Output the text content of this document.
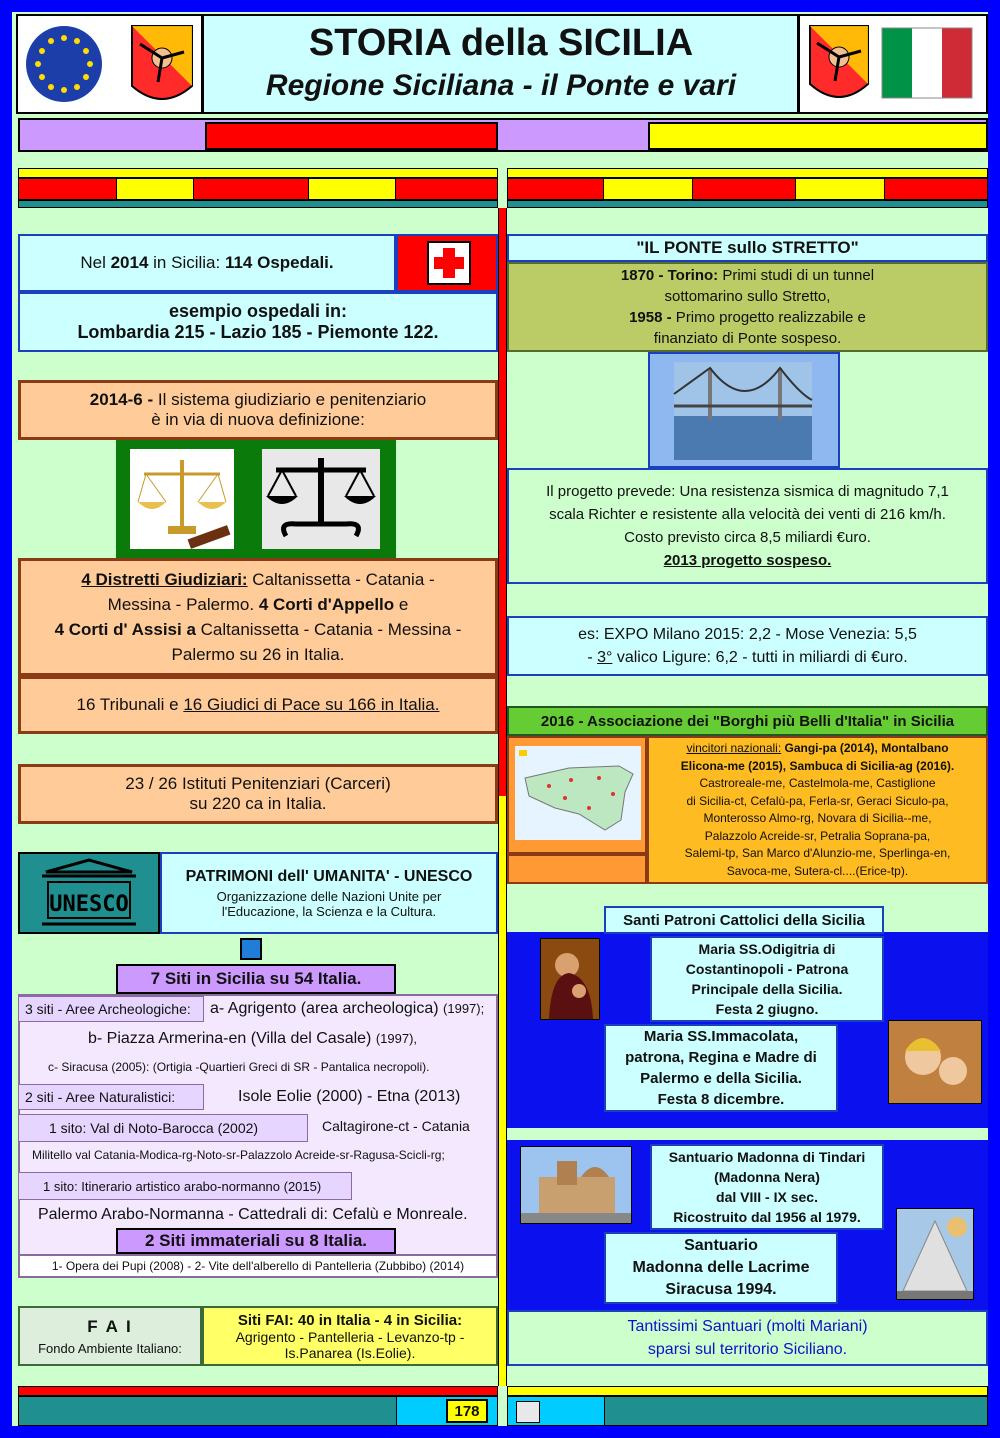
STORIA della SICILIA
Regione Siciliana - il Ponte e vari
Nel 2014 in Sicilia: 114 Ospedali.
esempio ospedali in:
Lombardia 215 - Lazio 185 - Piemonte 122.
2014-6 - Il sistema giudiziario e penitenziario
è in via di nuova definizione:
4 Distretti Giudiziari: Caltanissetta - Catania -
Messina - Palermo. 4 Corti d'Appello e
4 Corti d' Assisi a Caltanissetta - Catania - Messina -
Palermo su 26 in Italia.
16 Tribunali e 16 Giudici di Pace su 166 in Italia.
23 / 26 Istituti Penitenziari (Carceri)
su 220 ca in Italia.
UNESCO
PATRIMONI dell' UMANITA' - UNESCO
Organizzazione delle Nazioni Unite per
l'Educazione, la Scienza e la Cultura.
7 Siti in Sicilia su 54 Italia.
3 siti - Aree Archeologiche: a- Agrigento (area archeologica) (1997);
b- Piazza Armerina-en (Villa del Casale) (1997),
c- Siracusa (2005): (Ortigia -Quartieri Greci di SR - Pantalica necropoli).
2 siti - Aree Naturalistici:	Isole Eolie (2000) - Etna (2013)
1 sito: Val di Noto-Barocca (2002)	Caltagirone-ct - Catania
Militello val Catania-Modica-rg-Noto-sr-Palazzolo Acreide-sr-Ragusa-Scicli-rg;
1 sito: Itinerario artistico arabo-normanno (2015)
Palermo Arabo-Normanna - Cattedrali di: Cefalù e Monreale.
2 Siti immateriali su 8 Italia.
1- Opera dei Pupi (2008) - 2- Vite dell'alberello di Pantelleria (Zubbibo) (2014)
F A I
Fondo Ambiente Italiano:
Siti FAI: 40 in Italia - 4 in Sicilia:
Agrigento - Pantelleria - Levanzo-tp -
Is.Panarea (Is.Eolie).
"IL PONTE sullo STRETTO"
1870 - Torino: Primi studi di un tunnel
sottomarino sullo Stretto,
1958 - Primo progetto realizzabile e
finanziato di Ponte sospeso.
Il progetto prevede: Una resistenza sismica di magnitudo 7,1
scala Richter e resistente alla velocità dei venti di 216 km/h.
Costo previsto circa 8,5 miliardi €uro.
2013 progetto sospeso.
es: EXPO Milano 2015: 2,2 - Mose Venezia: 5,5
- 3° valico Ligure: 6,2 - tutti in miliardi di €uro.
2016 - Associazione dei "Borghi più Belli d'Italia" in Sicilia
vincitori nazionali: Gangi-pa (2014), Montalbano
Elicona-me (2015), Sambuca di Sicilia-ag (2016).
Castroreale-me, Castelmola-me, Castiglione
di Sicilia-ct, Cefalù-pa, Ferla-sr, Geraci Siculo-pa,
Monterosso Almo-rg, Novara di Sicilia--me,
Palazzolo Acreide-sr, Petralia Soprana-pa,
Salemi-tp, San Marco d'Alunzio-me, Sperlinga-en,
Savoca-me, Sutera-cl....(Erice-tp).
Santi Patroni Cattolici della Sicilia
Maria SS.Odigitria di
Costantinopoli - Patrona
Principale della Sicilia.
Festa 2 giugno.
Maria SS.Immacolata,
patrona, Regina e Madre di
Palermo e della Sicilia.
Festa 8 dicembre.
Santuario Madonna di Tindari
(Madonna Nera)
dal VIII - IX sec.
Ricostruito dal 1956 al 1979.
Santuario
Madonna delle Lacrime
Siracusa 1994.
Tantissimi Santuari (molti Mariani)
sparsi sul territorio Siciliano.
178
